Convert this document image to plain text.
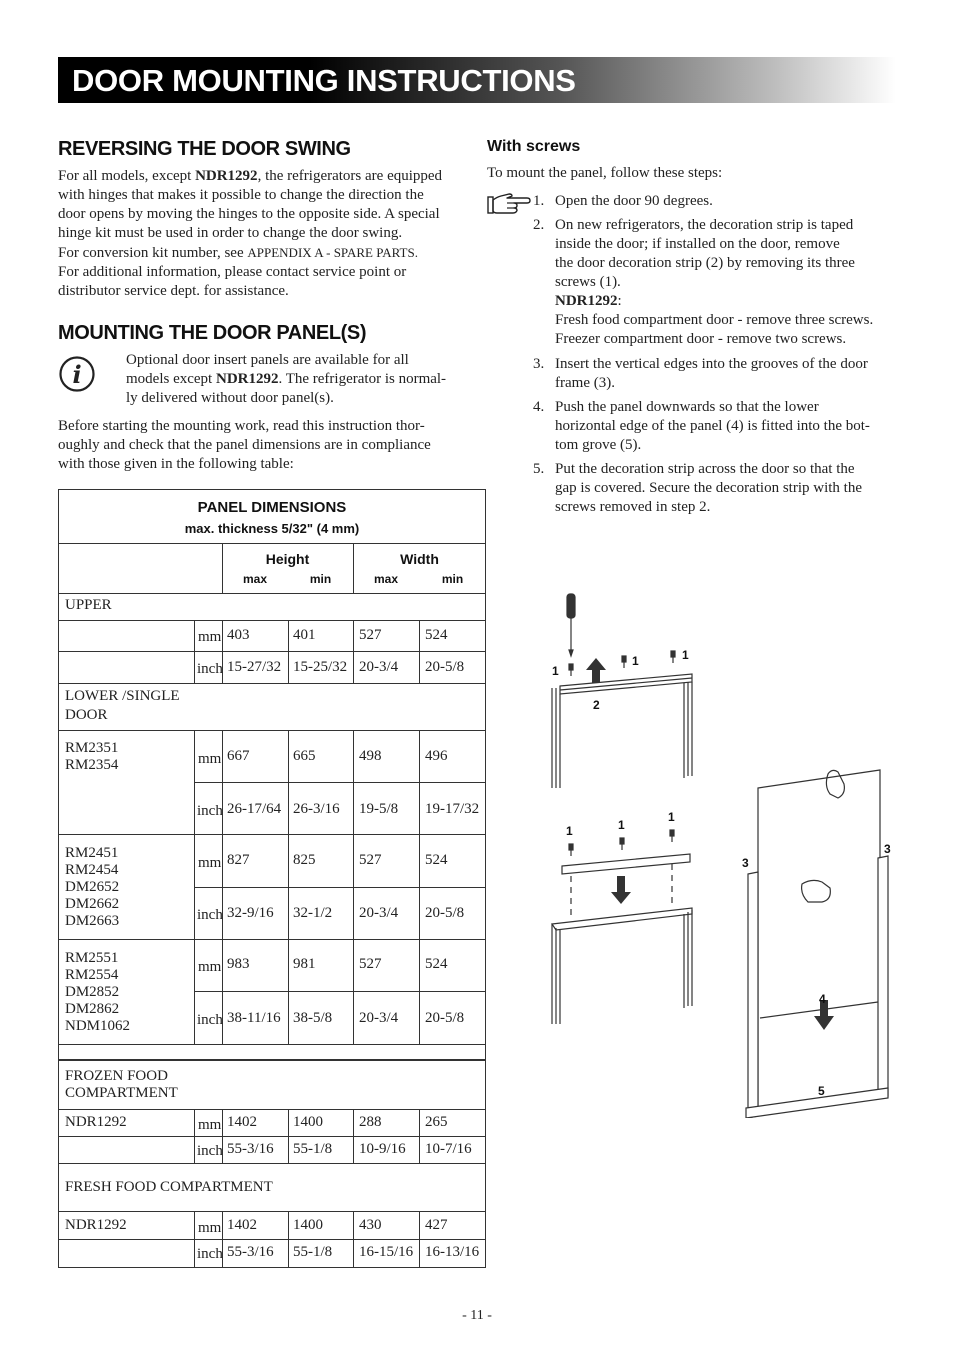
DOOR MOUNTING INSTRUCTIONS
REVERSING THE DOOR SWING
For all models, except NDR1292, the refrigerators are equipped
with hinges that makes it possible to change the direction the
door opens by moving the hinges to the opposite side. A special
hinge kit must be used in order to change the door swing.
For conversion kit number, see APPENDIX A - SPARE PARTS.
For additional information, please contact service point or
distributor service dept. for assistance.
MOUNTING THE DOOR PANEL(S)
i	Optional door insert panels are available for all
models except NDR1292. The refrigerator is normal-
ly delivered without door panel(s).
Before starting the mounting work, read this instruction thor-
oughly and check that the panel dimensions are in compliance
with those given in the following table:
PANEL DIMENSIONS
max. thickness 5/32" (4 mm)
Height	Width
max	min	max	min
UPPER
mm 403	401	527	524
inch 15-27/32 15-25/32 20-3/4 20-5/8
LOWER /SINGLE
DOOR
RM2351
RM2354	mm 667	665	498	496
inch 26-17/64 26-3/16 19-5/8 19-17/32
RM2451
RM2454
DM2652
DM2662
DM2663
mm 827	825	527	524
inch 32-9/16 32-1/2 20-3/4 20-5/8
RM2551
RM2554
DM2852
DM2862
NDM1062
mm 983	981	527	524
inch 38-11/16 38-5/8 20-3/4 20-5/8
FROZEN FOOD
COMPARTMENT
NDR1292	mm 1402 1400 288	265
inch 55-3/16 55-1/8 10-9/16 10-7/16
FRESH FOOD COMPARTMENT
NDR1292	mm 1402 1400 430	427
inch 55-3/16 55-1/8 16-15/16 16-13/16
With screws
To mount the panel, follow these steps:
1. Open the door 90 degrees.
2. On new refrigerators, the decoration strip is taped
inside the door; if installed on the door, remove
the door decoration strip (2) by removing its three
screws (1).
NDR1292:
Fresh food compartment door - remove three screws.
Freezer compartment door - remove two screws.
3. Insert the vertical edges into the grooves of the door
frame (3).
4. Push the panel downwards so that the lower
horizontal edge of the panel (4) is fitted into the bot-
tom grove (5).
5. Put the decoration strip across the door so that the
gap is covered. Secure the decoration strip with the
screws removed in step 2.
1
1	1
2
1	1
1
3
3
4
5
- 11 -
